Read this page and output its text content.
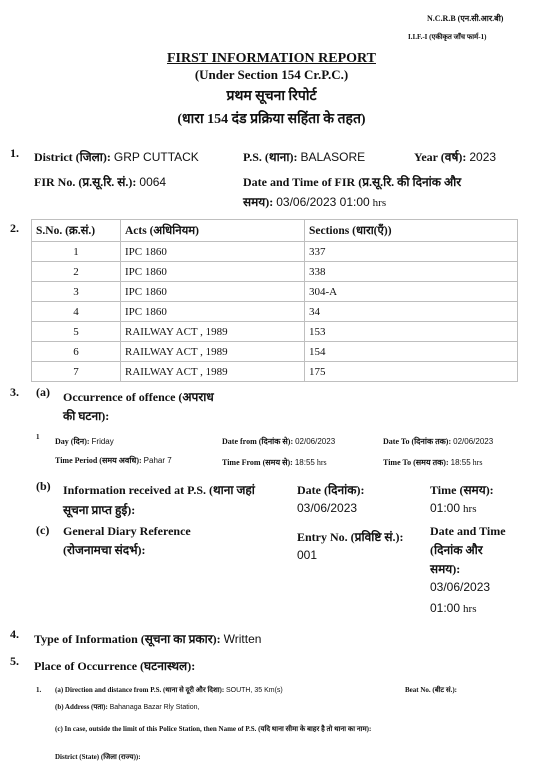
N.C.R.B (एन.सी.आर.बी)
I.I.F.-I (एकीकृत जाँच फार्म-1)
FIRST INFORMATION REPORT
(Under Section 154 Cr.P.C.)
प्रथम सूचना रिपोर्ट
(धारा 154 दंड प्रक्रिया सहिंता के तहत)
1. District (जिला): GRP CUTTACK	P.S. (थाना): BALASORE	Year (वर्ष): 2023
FIR No. (प्र.सू.रि. सं.): 0064	Date and Time of FIR (प्र.सू.रि. की दिनांक और
समय): 03/06/2023 01:00 hrs
2. S.No. (क्र.सं.)	Acts (अधिनियम)	Sections (धारा(एँ))
1	IPC 1860	337
2	IPC 1860	338
3	IPC 1860	304-A
4	IPC 1860	34
5	RAILWAY ACT , 1989	153
6	RAILWAY ACT , 1989	154
7	RAILWAY ACT , 1989	175
3. (a) Occurrence of offence (अपराध
की घटना):
1 Day (दिन): Friday	Date from (दिनांक से): 02/06/2023	Date To (दिनांक तक): 02/06/2023
Time Period (समय अवधि): Pahar 7	Time From (समय से): 18:55 hrs	Time To (समय तक): 18:55 hrs
(b) Information received at P.S. (थाना जहां
सूचना प्राप्त हुई):
Date (दिनांक):
03/06/2023
Time (समय):
01:00 hrs
(c) General Diary Reference
(रोजनामचा संदर्भ):
Entry No. (प्रविष्टि सं.):
001
Date and Time
(दिनांक और
समय):
03/06/2023
01:00 hrs
4. Type of Information (सूचना का प्रकार): Written
5. Place of Occurrence (घटनास्थल):
1. (a) Direction and distance from P.S. (थाना से दूरी और दिशा): SOUTH, 35 Km(s)	Beat No. (बीट सं.):
(b) Address (पता): Bahanaga Bazar Rly Station,
(c) In case, outside the limit of this Police Station, then Name of P.S. (यदि थाना सीमा के बाहर है तो थाना का नाम):
District (State) (जिला (राज्य)):
